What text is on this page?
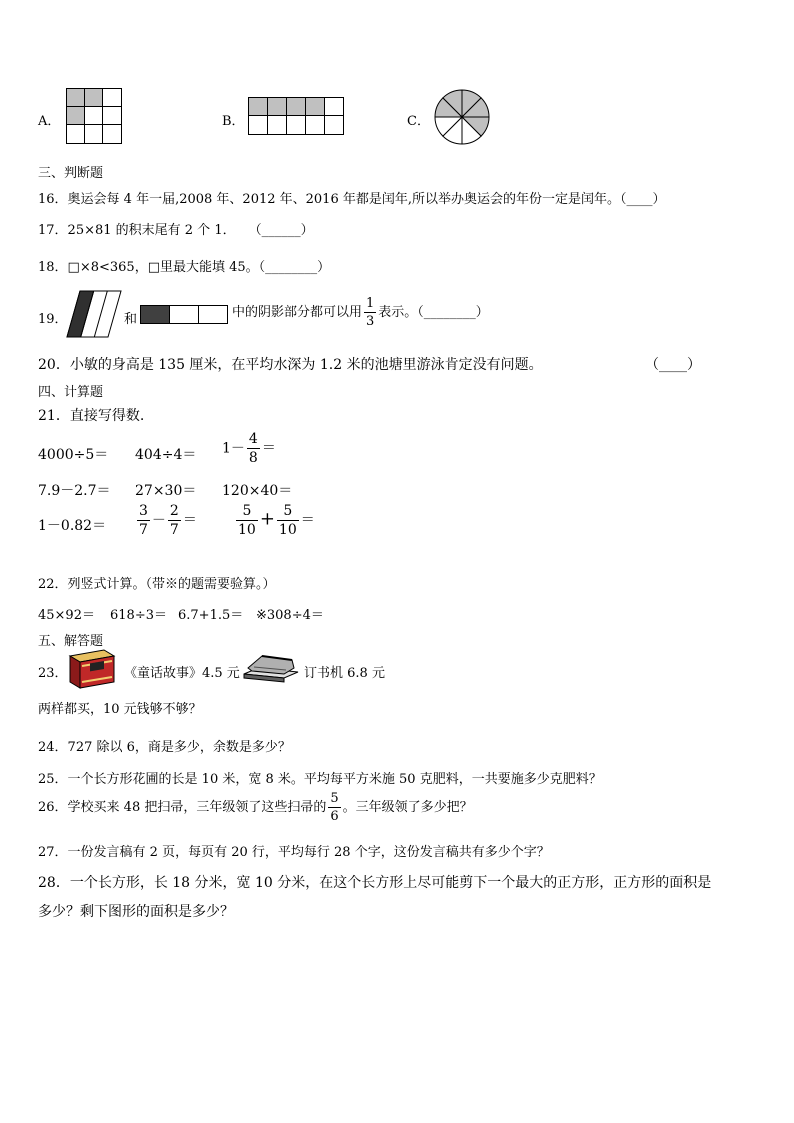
A．	B．	C．
三、判断题
16．奥运会每 4 年一届,2008 年、2012 年、2016 年都是闰年,所以举办奥运会的年份一定是闰年。（____）
17．25×81 的积末尾有 2 个 1．　　（______）
18．□×8<365，□里最大能填 45。（________）
19．	和	中的阴影部分都可以用 $\frac{1}{3}$ 表示。（________）
20．小敏的身高是 135 厘米，在平均水深为 1.2 米的池塘里游泳肯定没有问题。	（____）
四、计算题
21．直接写得数.
$4000\div 5= 404\div 4= 1- \frac{4}{8}$ ＝
7.9－2.7＝ 27×30＝ 120×40＝
$1-0.82= \frac{3}{7} - \frac{2}{7}$ ＝	$\frac{5}{10} + \frac{5}{10}$ ＝
22．列竖式计算。（带※的题需要验算。）
45×92＝ 618÷3＝ 6.7+1.5＝ ※308÷4＝
五、解答题
23．	《童话故事》4.5 元	订书机 6.8 元
两样都买，10 元钱够不够？
24．727 除以 6，商是多少，余数是多少？
25．一个长方形花圃的长是 10 米，宽 8 米。平均每平方米施 50 克肥料，一共要施多少克肥料？
26．学校买来 48 把扫帚，三年级领了这些扫帚的 $\frac{5}{6}$ 。三年级领了多少把？
27．一份发言稿有 2 页，每页有 20 行，平均每行 28 个字，这份发言稿共有多少个字？
28．一个长方形，长 18 分米，宽 10 分米，在这个长方形上尽可能剪下一个最大的正方形，正方形的面积是
多少？剩下图形的面积是多少？
